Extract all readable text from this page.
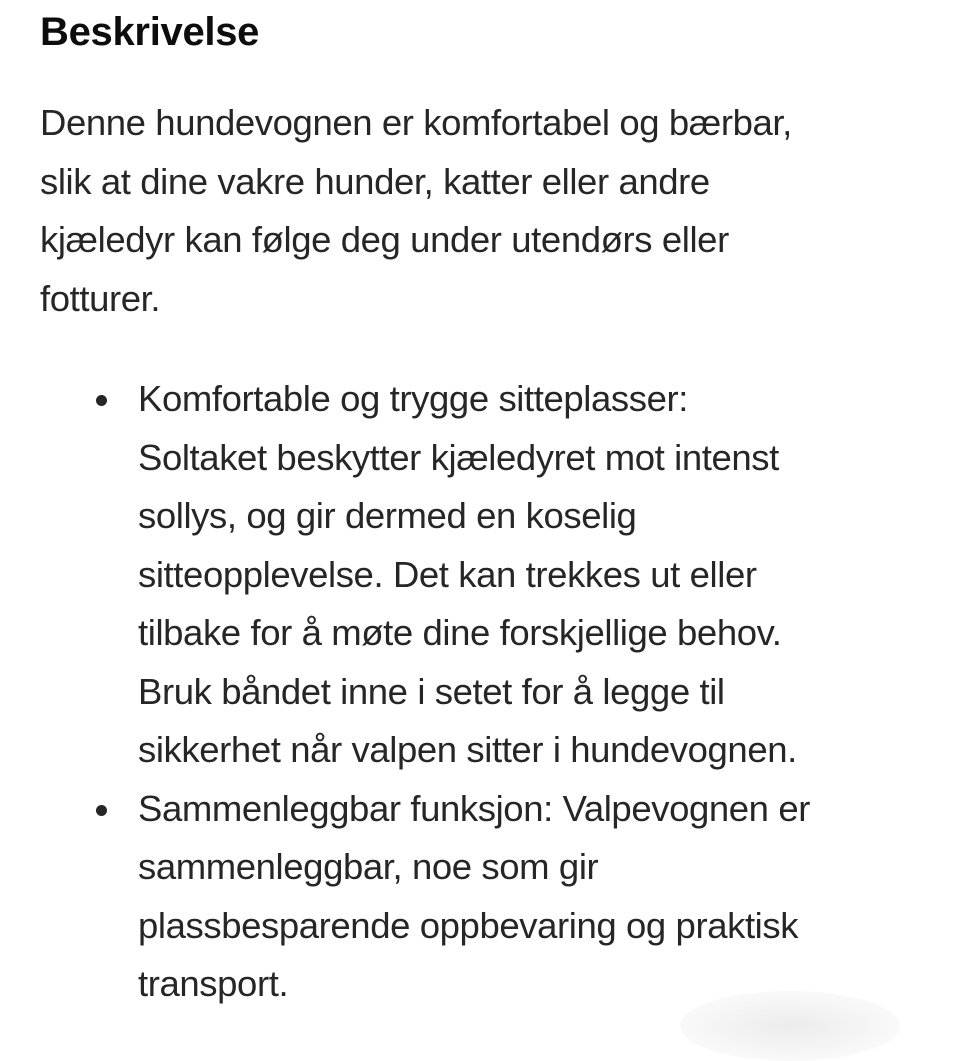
Beskrivelse

Denne hundevognen er komfortabel og bærbar,
slik at dine vakre hunder, katter eller andre
kjæledyr kan følge deg under utendørs eller
fotturer.

Komfortable og trygge sitteplasser:
Soltaket beskytter kjæledyret mot intenst
sollys, og gir dermed en koselig
sitteopplevelse. Det kan trekkes ut eller
tilbake for å møte dine forskjellige behov.
Bruk båndet inne i setet for å legge til
sikkerhet når valpen sitter i hundevognen.
Sammenleggbar funksjon: Valpevognen er
sammenleggbar, noe som gir
plassbesparende oppbevaring og praktisk
transport.
